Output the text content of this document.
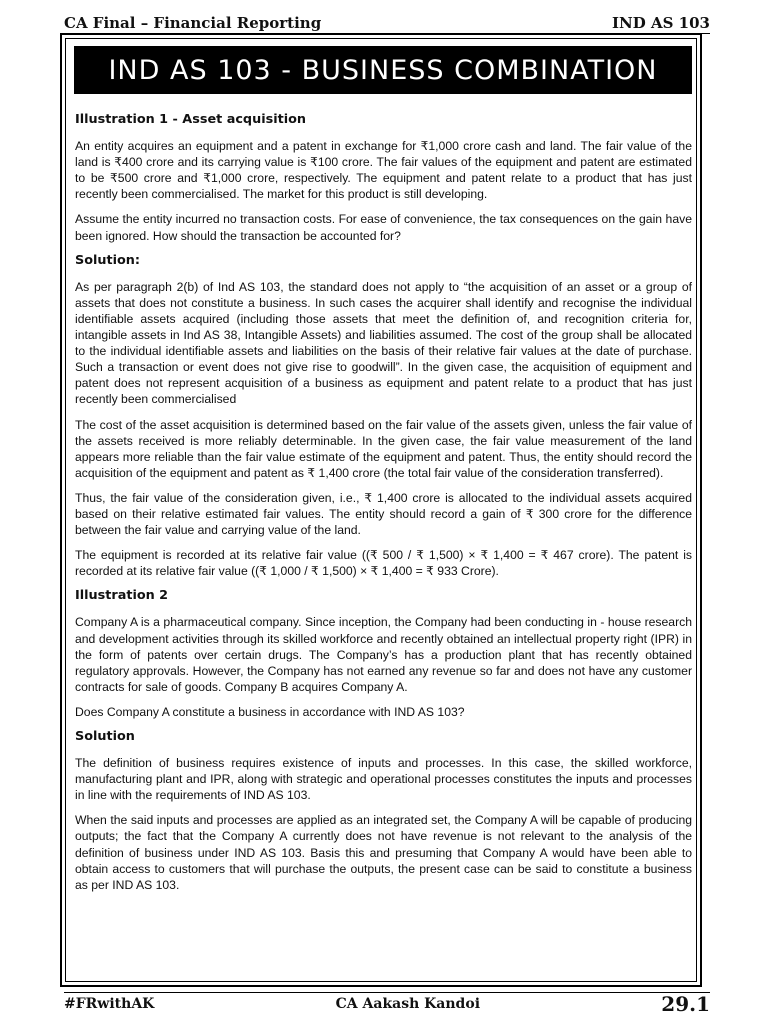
CA Final – Financial Reporting	IND AS 103
IND AS 103 - BUSINESS COMBINATION
Illustration 1 - Asset acquisition

An entity acquires an equipment and a patent in exchange for ₹1,000 crore cash and land. The fair value of the land is ₹400 crore and its carrying value is ₹100 crore. The fair values of the equipment and patent are estimated to be ₹500 crore and ₹1,000 crore, respectively. The equipment and patent relate to a product that has just recently been commercialised. The market for this product is still developing.

Assume the entity incurred no transaction costs. For ease of convenience, the tax consequences on the gain have been ignored. How should the transaction be accounted for?

Solution:

As per paragraph 2(b) of Ind AS 103, the standard does not apply to “the acquisition of an asset or a group of assets that does not constitute a business. In such cases the acquirer shall identify and recognise the individual identifiable assets acquired (including those assets that meet the definition of, and recognition criteria for, intangible assets in Ind AS 38, Intangible Assets) and liabilities assumed. The cost of the group shall be allocated to the individual identifiable assets and liabilities on the basis of their relative fair values at the date of purchase. Such a transaction or event does not give rise to goodwill”. In the given case, the acquisition of equipment and patent does not represent acquisition of a business as equipment and patent relate to a product that has just recently been commercialised

The cost of the asset acquisition is determined based on the fair value of the assets given, unless the fair value of the assets received is more reliably determinable. In the given case, the fair value measurement of the land appears more reliable than the fair value estimate of the equipment and patent. Thus, the entity should record the acquisition of the equipment and patent as ₹ 1,400 crore (the total fair value of the consideration transferred).

Thus, the fair value of the consideration given, i.e., ₹ 1,400 crore is allocated to the individual assets acquired based on their relative estimated fair values. The entity should record a gain of ₹ 300 crore for the difference between the fair value and carrying value of the land.

The equipment is recorded at its relative fair value ((₹ 500 / ₹ 1,500) × ₹ 1,400 = ₹ 467 crore). The patent is recorded at its relative fair value ((₹ 1,000 / ₹ 1,500) × ₹ 1,400 = ₹ 933 Crore).

Illustration 2

Company A is a pharmaceutical company. Since inception, the Company had been conducting in - house research and development activities through its skilled workforce and recently obtained an intellectual property right (IPR) in the form of patents over certain drugs. The Company’s has a production plant that has recently obtained regulatory approvals. However, the Company has not earned any revenue so far and does not have any customer contracts for sale of goods. Company B acquires Company A.

Does Company A constitute a business in accordance with IND AS 103?

Solution

The definition of business requires existence of inputs and processes. In this case, the skilled workforce, manufacturing plant and IPR, along with strategic and operational processes constitutes the inputs and processes in line with the requirements of IND AS 103.

When the said inputs and processes are applied as an integrated set, the Company A will be capable of producing outputs; the fact that the Company A currently does not have revenue is not relevant to the analysis of the definition of business under IND AS 103. Basis this and presuming that Company A would have been able to obtain access to customers that will purchase the outputs, the present case can be said to constitute a business as per IND AS 103.

#FRwithAK	CA Aakash Kandoi	29.1
